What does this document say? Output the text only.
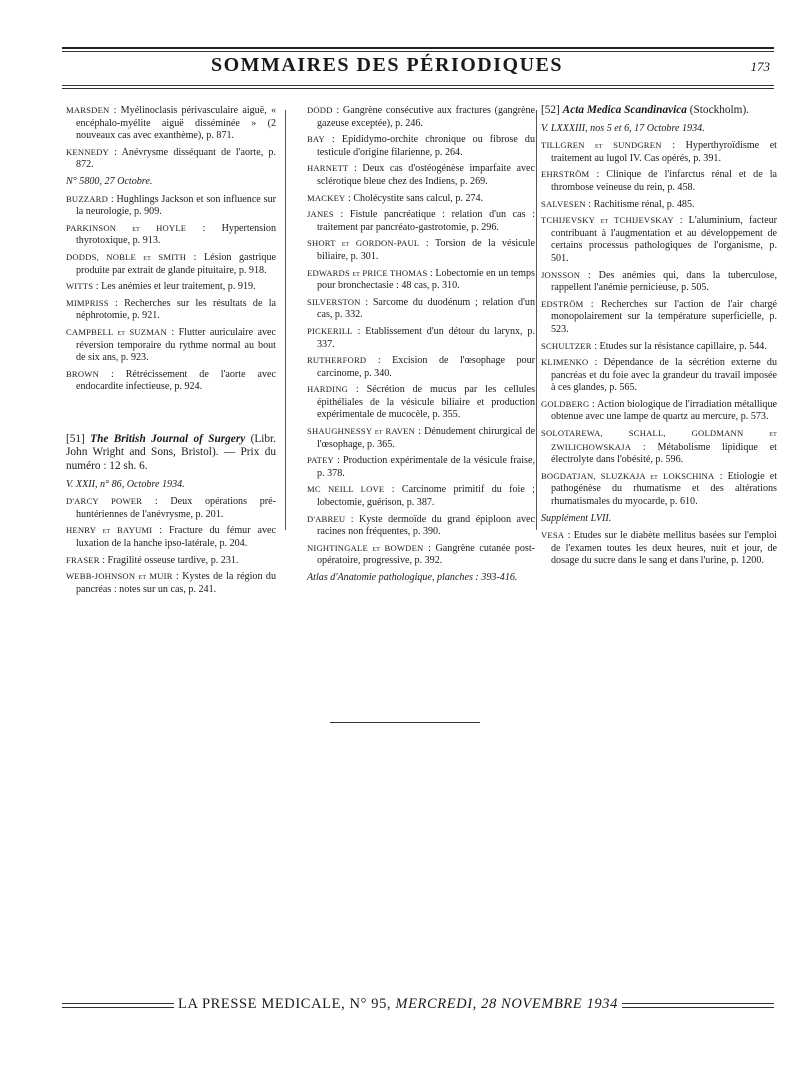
SOMMAIRES DES PÉRIODIQUES	173

MARSDEN : Myélinoclasis périvasculaire aiguë, « encéphalo-myélite aiguë disséminée » (2 nouveaux cas avec exanthème), p. 871.

KENNEDY : Anévrysme disséquant de l'aorte, p. 872.

N° 5800, 27 Octobre.

BUZZARD : Hughlings Jackson et son influence sur la neurologie, p. 909.

PARKINSON et HOYLE : Hypertension thyrotoxique, p. 913.

DODDS, NOBLE et SMITH : Lésion gastrique produite par extrait de glande pituitaire, p. 918.

WITTS : Les anémies et leur traitement, p. 919.

MIMPRISS : Recherches sur les résultats de la néphrotomie, p. 921.

CAMPBELL et SUZMAN : Flutter auriculaire avec réversion temporaire du rythme normal au bout de six ans, p. 923.

BROWN : Rétrécissement de l'aorte avec endocardite infectieuse, p. 924.

[51] The British Journal of Surgery (Libr. John Wright and Sons, Bristol). — Prix du numéro : 12 sh. 6.

V. XXII, n° 86, Octobre 1934.

D'ARCY POWER : Deux opérations pré-huntériennes de l'anévrysme, p. 201.

HENRY et BAYUMI : Fracture du fémur avec luxation de la hanche ipso-latérale, p. 204.

FRASER : Fragilité osseuse tardive, p. 231.

WEBB-JOHNSON et MUIR : Kystes de la région du pancréas : notes sur un cas, p. 241.

DODD : Gangrène consécutive aux fractures (gangrène gazeuse exceptée), p. 246.

BAY : Epididymo-orchite chronique ou fibrose du testicule d'origine filarienne, p. 264.

HARNETT : Deux cas d'ostéogénèse imparfaite avec sclérotique bleue chez des Indiens, p. 269.

MACKEY : Cholécystite sans calcul, p. 274.

JANES : Fistule pancréatique : relation d'un cas : traitement par pancréato-gastrotomie, p. 296.

SHORT et GORDON-PAUL : Torsion de la vésicule biliaire, p. 301.

EDWARDS et PRICE THOMAS : Lobectomie en un temps pour bronchectasie : 48 cas, p. 310.

SILVERSTON : Sarcome du duodénum ; relation d'un cas, p. 332.

PICKERILL : Etablissement d'un détour du larynx, p. 337.

RUTHERFORD : Excision de l'œsophage pour carcinome, p. 340.

HARDING : Sécrétion de mucus par les cellules épithéliales de la vésicule biliaire et production expérimentale de mucocèle, p. 355.

SHAUGHNESSY et RAVEN : Dénudement chirurgical de l'œsophage, p. 365.

PATEY : Production expérimentale de la vésicule fraise, p. 378.

MC NEILL LOVE : Carcinome primitif du foie ; lobectomie, guérison, p. 387.

D'ABREU : Kyste dermoïde du grand épiploon avec racines non fréquentes, p. 390.

NIGHTINGALE et BOWDEN : Gangrène cutanée post-opératoire, progressive, p. 392.

Atlas d'Anatomie pathologique, planches : 393-416.

[52] Acta Medica Scandinavica (Stockholm).

V. LXXXIII, nos 5 et 6, 17 Octobre 1934.

TILLGREN et SUNDGREN : Hyperthyroïdisme et traitement au lugol IV. Cas opérés, p. 391.

EHRSTRÖM : Clinique de l'infarctus rénal et de la thrombose veineuse du rein, p. 458.

SALVESEN : Rachitisme rénal, p. 485.

TCHIJEVSKY et TCHIJEVSKAY : L'aluminium, facteur contribuant à l'augmentation et au développement de certains processus pathologiques de l'organisme, p. 501.

JONSSON : Des anémies qui, dans la tuberculose, rappellent l'anémie pernicieuse, p. 505.

EDSTRÖM : Recherches sur l'action de l'air chargé monopolairement sur la température superficielle, p. 523.

SCHULTZER : Etudes sur la résistance capillaire, p. 544.

KLIMENKO : Dépendance de la sécrétion externe du pancréas et du foie avec la grandeur du travail imposée à ces glandes, p. 565.

GOLDBERG : Action biologique de l'irradiation métallique obtenue avec une lampe de quartz au mercure, p. 573.

SOLOTAREWA, SCHALL, GOLDMANN et ZWILICHOWSKAJA : Métabolisme lipidique et électrolyte dans l'obésité, p. 596.

BOGDATJAN, SLUZKAJA et LOKSCHINA : Etiologie et pathogénèse du rhumatisme et des altérations rhumatismales du myocarde, p. 610.

Supplément LVII.

VESA : Etudes sur le diabète mellitus basées sur l'emploi de l'examen toutes les deux heures, nuit et jour, de dosage du sucre dans le sang et dans l'urine, p. 1200.

LA PRESSE MEDICALE, N° 95, MERCREDI, 28 NOVEMBRE 1934
